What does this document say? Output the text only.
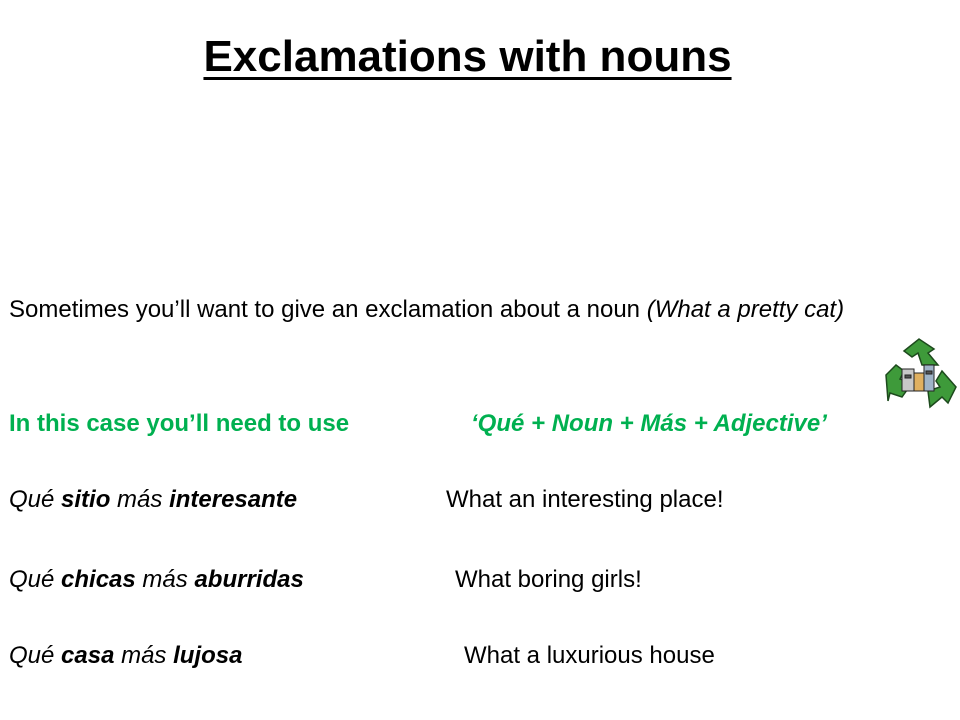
Exclamations with nouns
Sometimes you’ll want to give an exclamation about a noun (What a pretty cat)
In this case you’ll need to use	‘Qué + Noun + Más + Adjective’
Qué sitio más interesante	What an interesting place!
Qué chicas más aburridas	What boring girls!
Qué casa más lujosa	What a luxurious house
